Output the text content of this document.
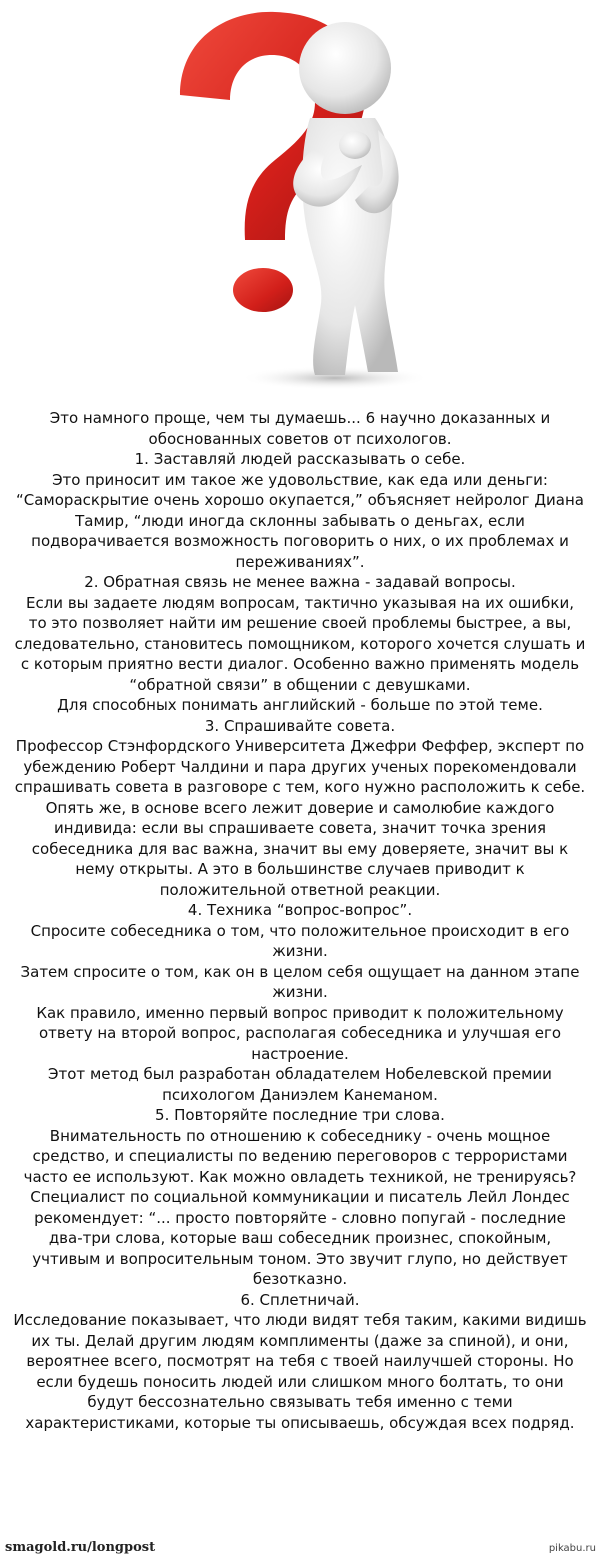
Это намного проще, чем ты думаешь... 6 научно доказанных и

обоснованных советов от психологов.

1. Заставляй людей рассказывать о себе.

Это приносит им такое же удовольствие, как еда или деньги:

“Самораскрытие очень хорошо окупается,” объясняет нейролог Диана

Тамир, “люди иногда склонны забывать о деньгах, если

подворачивается возможность поговорить о них, о их проблемах и

переживаниях”.

2. Обратная связь не менее важна - задавай вопросы.

Если вы задаете людям вопросам, тактично указывая на их ошибки,

то это позволяет найти им решение своей проблемы быстрее, а вы,

следовательно, становитесь помощником, которого хочется слушать и

с которым приятно вести диалог. Особенно важно применять модель

“обратной связи” в общении с девушками.

Для способных понимать английский - больше по этой теме.

3. Спрашивайте совета.

Профессор Стэнфордского Университета Джефри Феффер, эксперт по

убеждению Роберт Чалдини и пара других ученых порекомендовали

спрашивать совета в разговоре с тем, кого нужно расположить к себе.

Опять же, в основе всего лежит доверие и самолюбие каждого

индивида: если вы спрашиваете совета, значит точка зрения

собеседника для вас важна, значит вы ему доверяете, значит вы к

нему открыты. А это в большинстве случаев приводит к

положительной ответной реакции.

4. Техника “вопрос-вопрос”.

Спросите собеседника о том, что положительное происходит в его

жизни.

Затем спросите о том, как он в целом себя ощущает на данном этапе

жизни.

Как правило, именно первый вопрос приводит к положительному

ответу на второй вопрос, располагая собеседника и улучшая его

настроение.

Этот метод был разработан обладателем Нобелевской премии

психологом Даниэлем Канеманом.

5. Повторяйте последние три слова.

Внимательность по отношению к собеседнику - очень мощное

средство, и специалисты по ведению переговоров с террористами

часто ее используют. Как можно овладеть техникой, не тренируясь?

Специалист по социальной коммуникации и писатель Лейл Лондес

рекомендует: “... просто повторяйте - словно попугай - последние

два-три слова, которые ваш собеседник произнес, спокойным,

учтивым и вопросительным тоном. Это звучит глупо, но действует

безотказно.

6. Сплетничай.

Исследование показывает, что люди видят тебя таким, какими видишь

их ты. Делай другим людям комплименты (даже за спиной), и они,

вероятнее всего, посмотрят на тебя с твоей наилучшей стороны. Но

если будешь поносить людей или слишком много болтать, то они

будут бессознательно связывать тебя именно с теми

характеристиками, которые ты описываешь, обсуждая всех подряд.

smagold.ru/longpost	pikabu.ru
